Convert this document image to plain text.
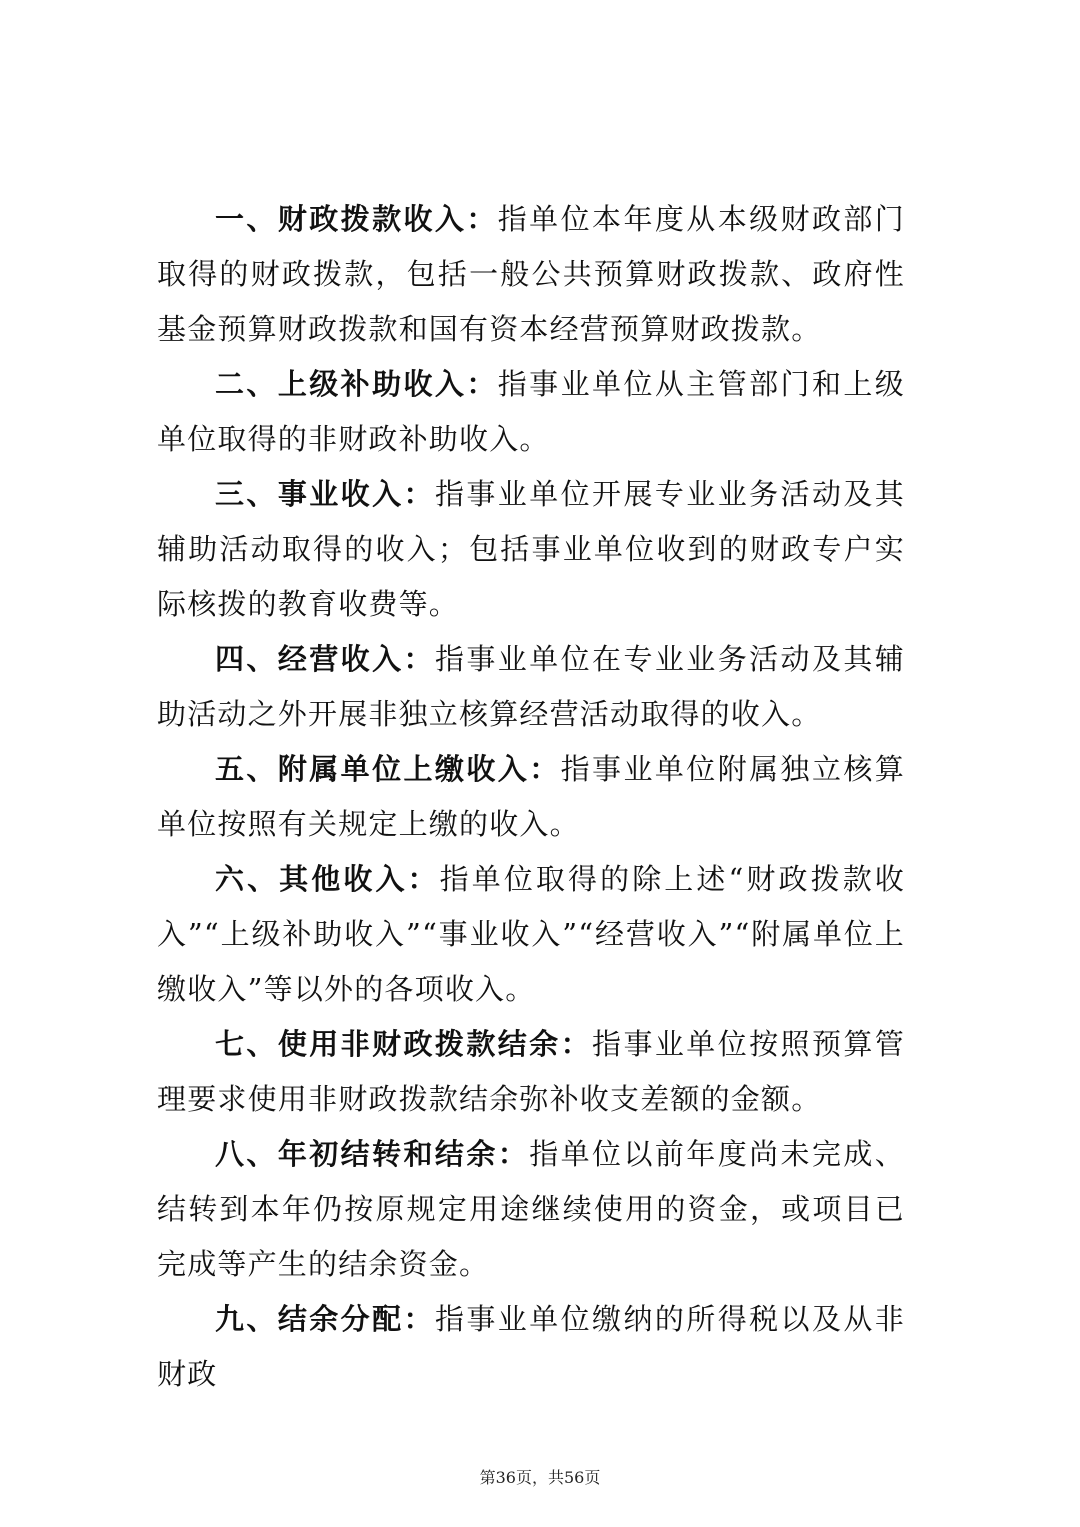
一、财政拨款收入：指单位本年度从本级财政部门取得的财政拨款，包括一般公共预算财政拨款、政府性基金预算财政拨款和国有资本经营预算财政拨款。

二、上级补助收入：指事业单位从主管部门和上级单位取得的非财政补助收入。

三、事业收入：指事业单位开展专业业务活动及其辅助活动取得的收入；包括事业单位收到的财政专户实际核拨的教育收费等。

四、经营收入：指事业单位在专业业务活动及其辅助活动之外开展非独立核算经营活动取得的收入。

五、附属单位上缴收入：指事业单位附属独立核算单位按照有关规定上缴的收入。

六、其他收入：指单位取得的除上述“财政拨款收入”“上级补助收入”“事业收入”“经营收入”“附属单位上缴收入”等以外的各项收入。

七、使用非财政拨款结余：指事业单位按照预算管理要求使用非财政拨款结余弥补收支差额的金额。

八、年初结转和结余：指单位以前年度尚未完成、结转到本年仍按原规定用途继续使用的资金，或项目已完成等产生的结余资金。

九、结余分配：指事业单位缴纳的所得税以及从非财政

第36页，共56页
